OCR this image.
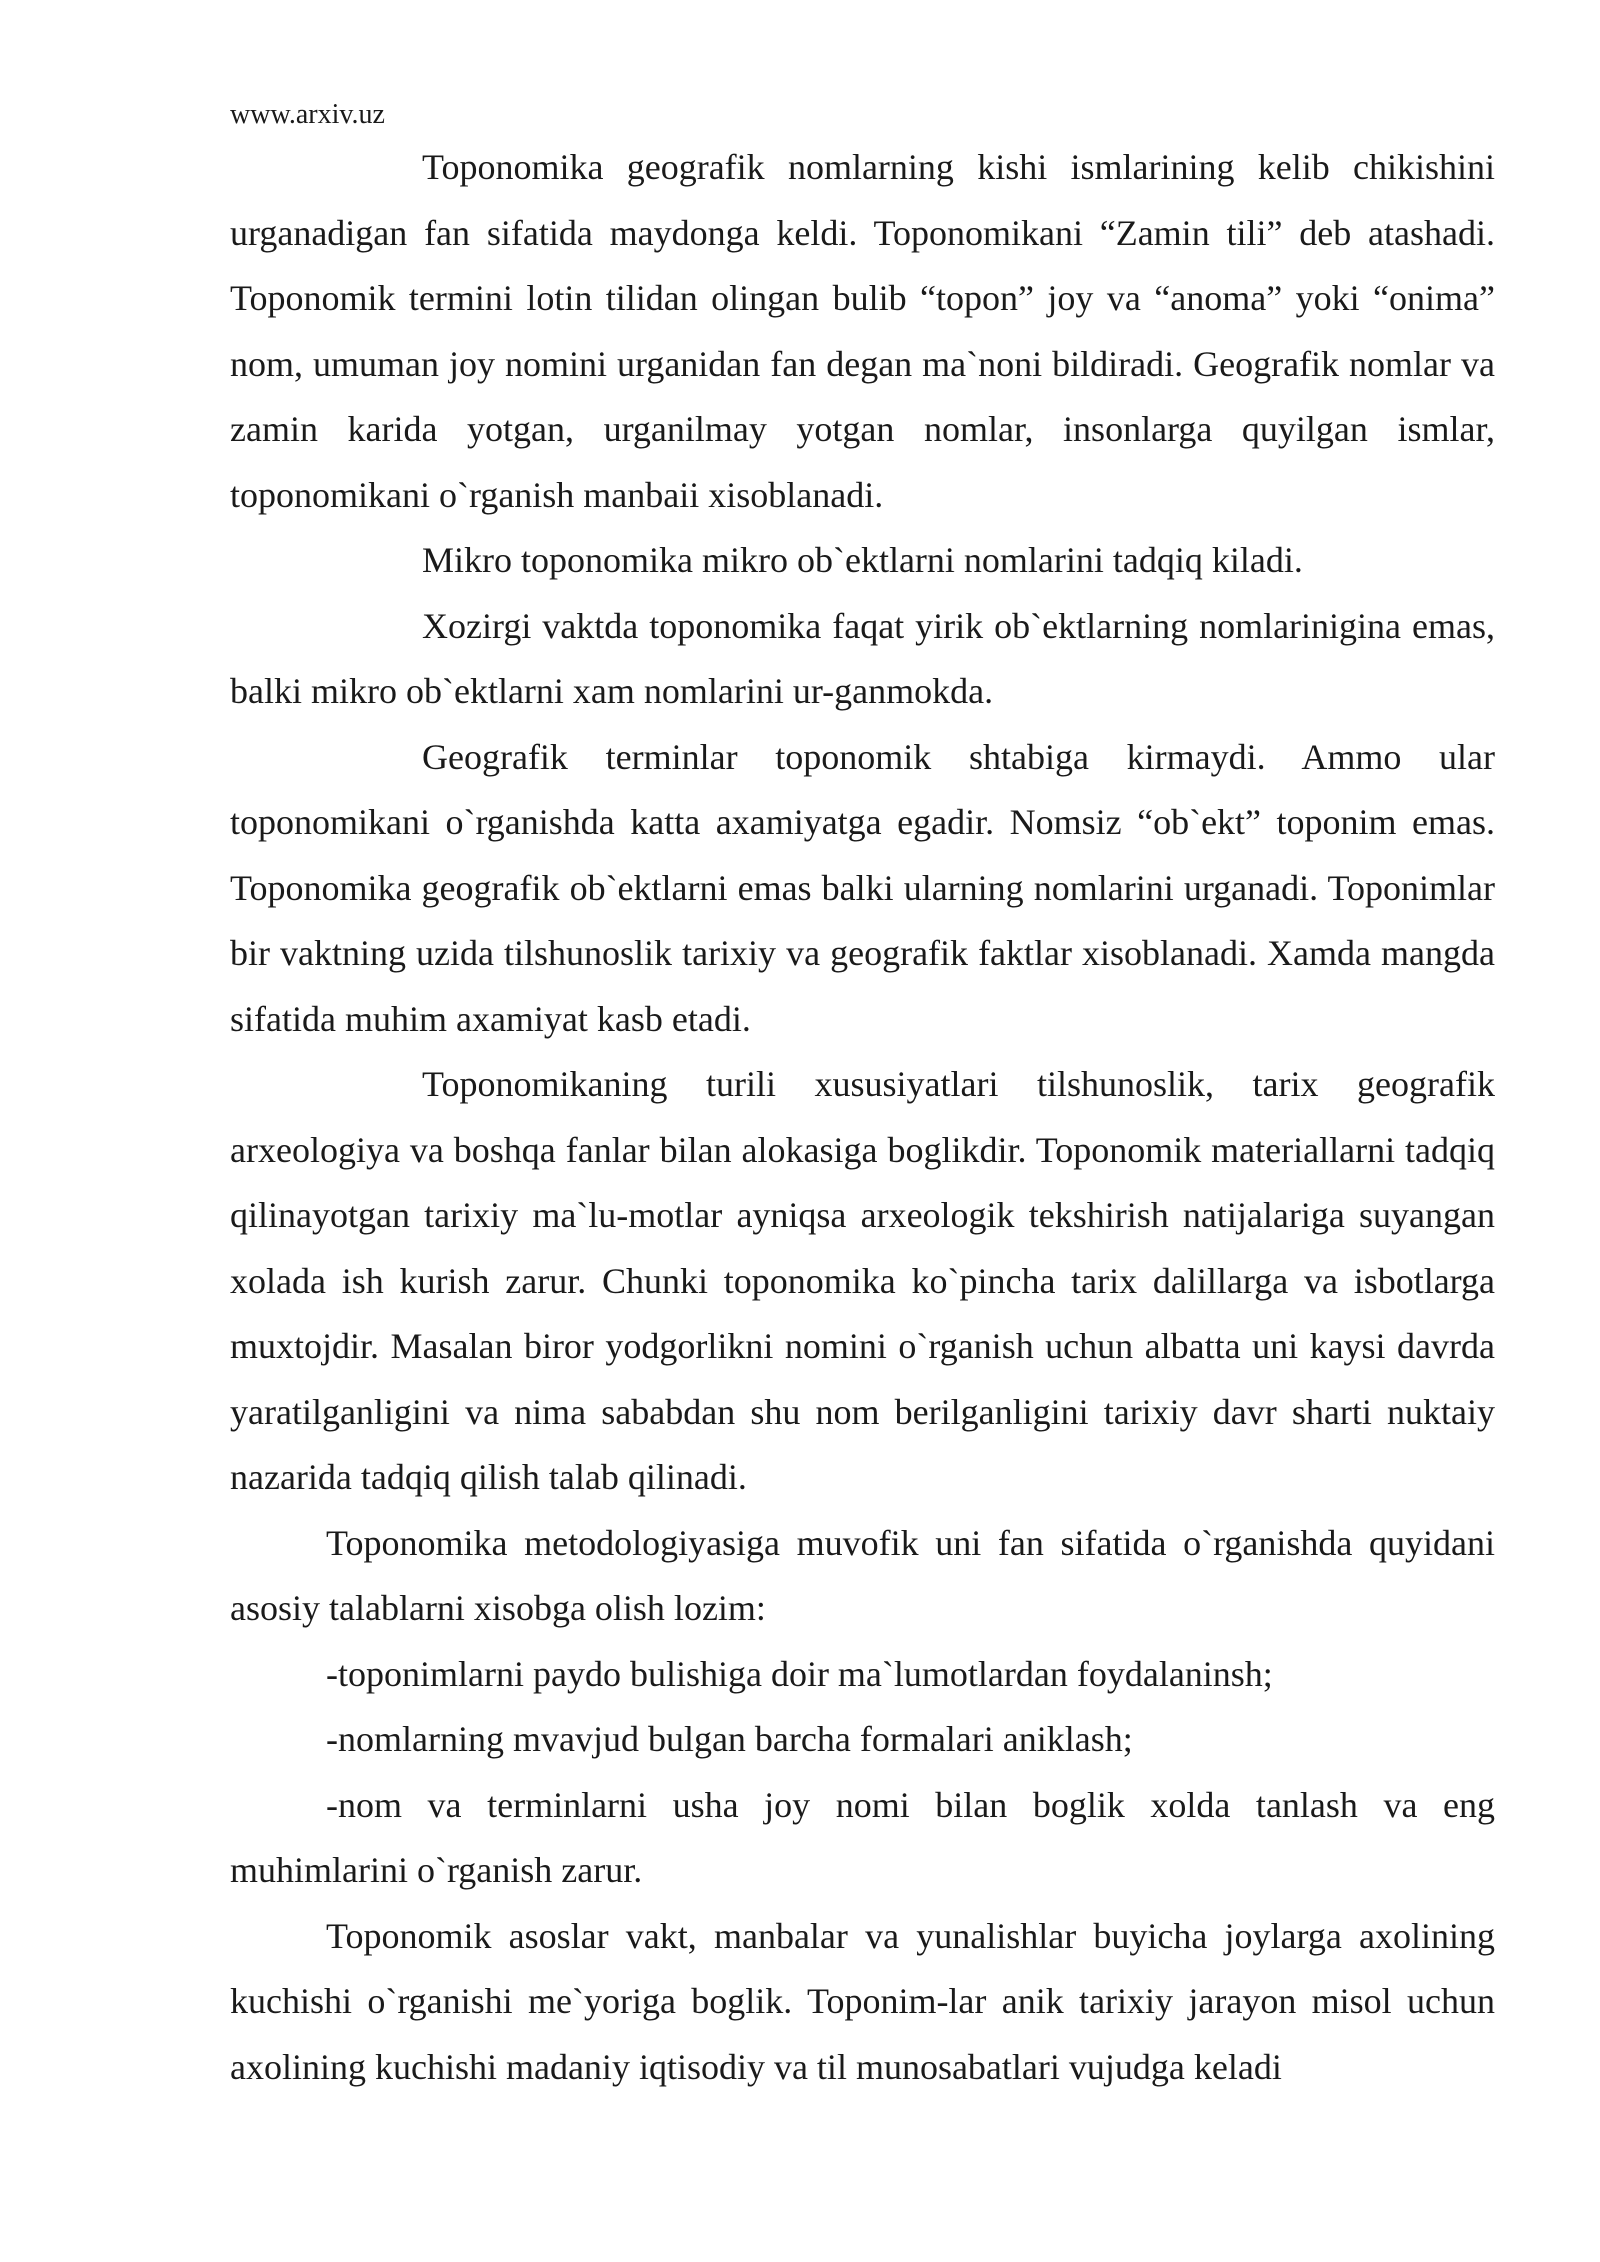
www.arxiv.uz

Toponomika geografik nomlarning kishi ismlarining kelib chikishini urganadigan fan sifatida maydonga keldi. Toponomikani “Zamin tili” deb atashadi. Toponomik termini lotin tilidan olingan bulib “topon” joy va “anoma” yoki “onima” nom, umuman joy nomini urganidan fan degan ma`noni bildiradi. Geografik nomlar va zamin karida yotgan, urganilmay yotgan nomlar, insonlarga quyilgan ismlar, toponomikani o`rganish manbaii xisoblanadi.

Mikro toponomika mikro ob`ektlarni nomlarini tadqiq kiladi.

Xozirgi vaktda toponomika faqat yirik ob`ektlarning nomlarinigina emas, balki mikro ob`ektlarni xam nomlarini ur-ganmokda.

Geografik terminlar toponomik shtabiga kirmaydi. Ammo ular toponomikani o`rganishda katta axamiyatga egadir. Nomsiz “ob`ekt” toponim emas. Toponomika geografik ob`ektlarni emas balki ularning nomlarini urganadi. Toponimlar bir vaktning uzida tilshunoslik tarixiy va geografik faktlar xisoblanadi. Xamda mangda sifatida muhim axamiyat kasb etadi.

Toponomikaning turili xususiyatlari tilshunoslik, tarix geografik arxeologiya va boshqa fanlar bilan alokasiga boglikdir. Toponomik materiallarni tadqiq qilinayotgan tarixiy ma`lu-motlar ayniqsa arxeologik tekshirish natijalariga suyangan xolada ish kurish zarur. Chunki toponomika ko`pincha tarix dalillarga va isbotlarga muxtojdir. Masalan biror yodgorlikni nomini o`rganish uchun albatta uni kaysi davrda yaratilganligini va nima sababdan shu nom berilganligini tarixiy davr sharti nuktaiy nazarida tadqiq qilish talab qilinadi.

Toponomika metodologiyasiga muvofik uni fan sifatida o`rganishda quyidani asosiy talablarni xisobga olish lozim:

-toponimlarni paydo bulishiga doir ma`lumotlardan foydalaninsh;

-nomlarning mvavjud bulgan barcha formalari aniklash;

-nom va terminlarni usha joy nomi bilan boglik xolda tanlash va eng muhimlarini o`rganish zarur.

Toponomik asoslar vakt, manbalar va yunalishlar buyicha joylarga axolining kuchishi o`rganishi me`yoriga boglik. Toponim-lar anik tarixiy jarayon misol uchun axolining kuchishi madaniy iqtisodiy va til munosabatlari vujudga keladi
